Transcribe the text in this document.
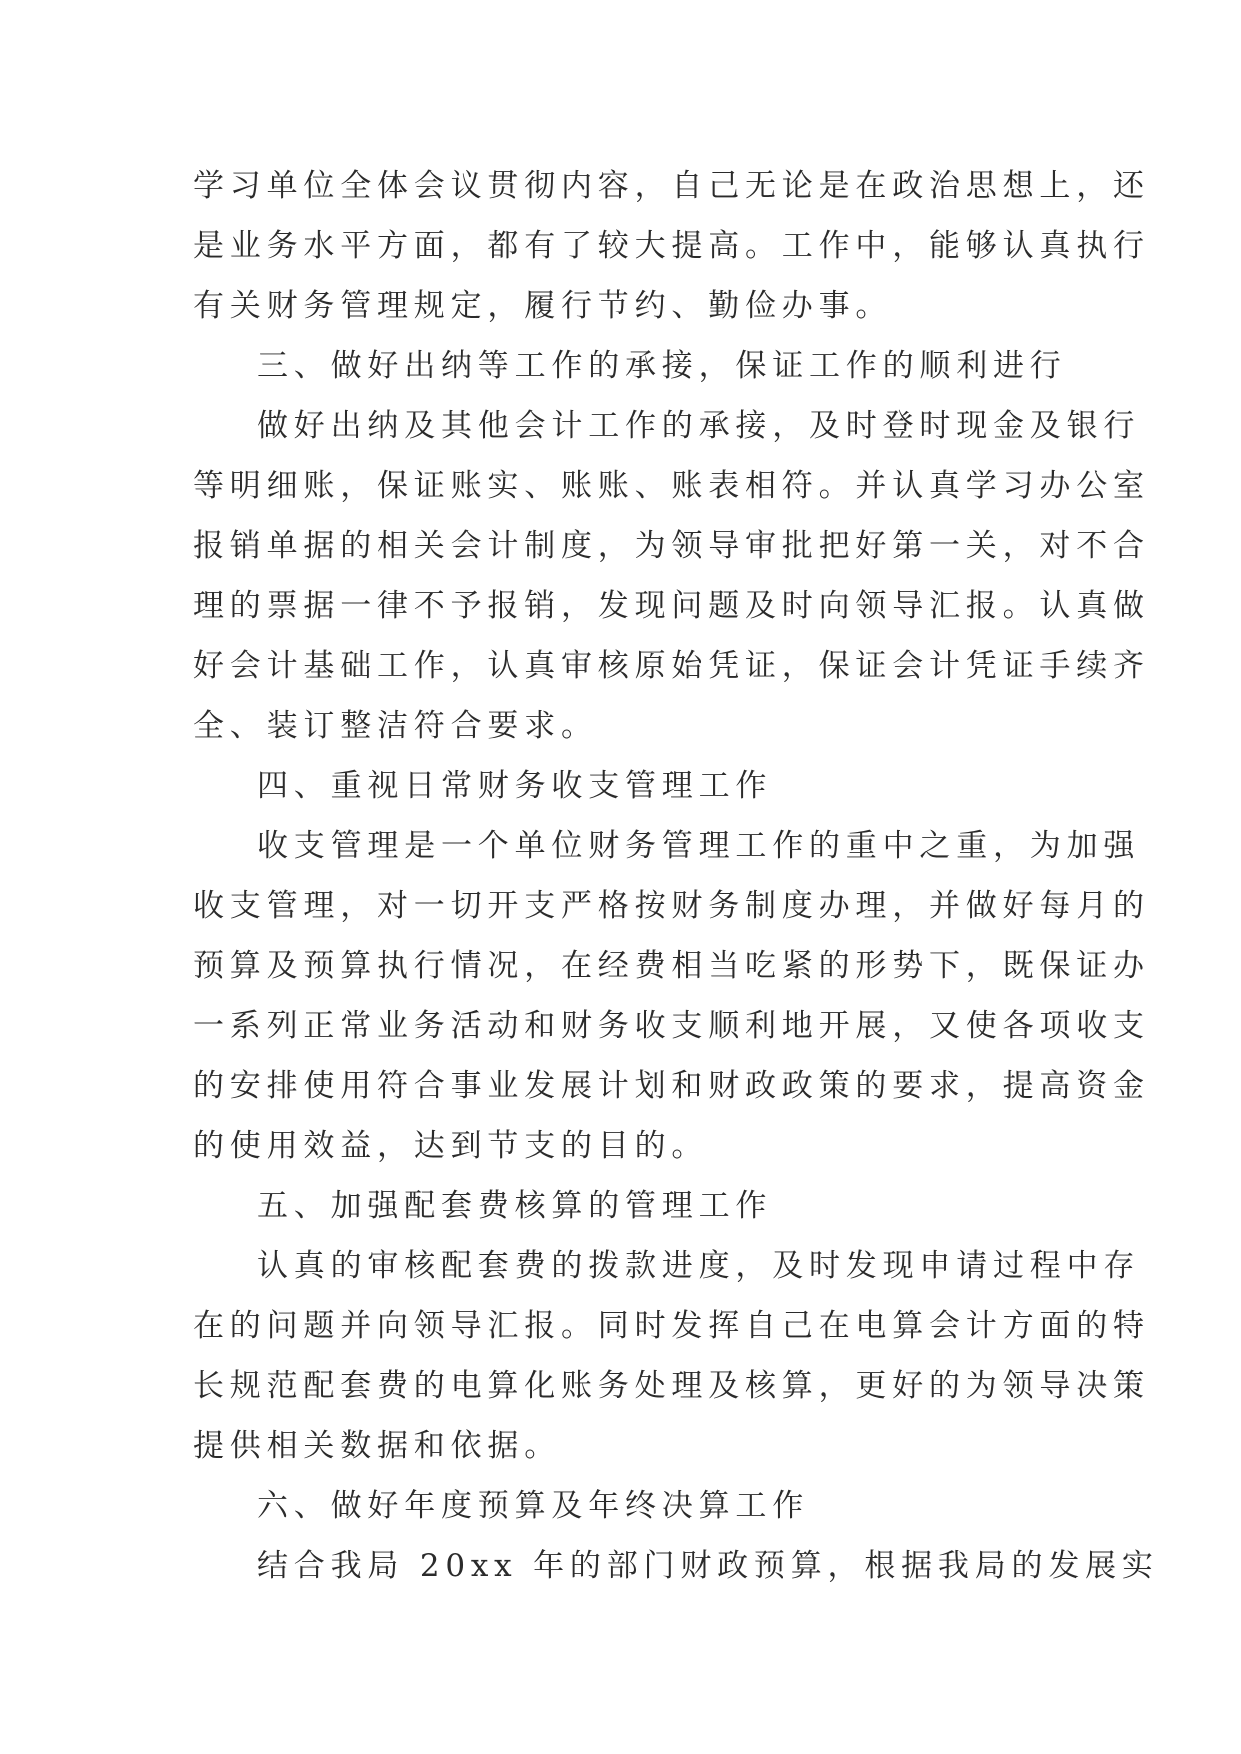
学习单位全体会议贯彻内容，自己无论是在政治思想上，还
是业务水平方面，都有了较大提高。工作中，能够认真执行
有关财务管理规定，履行节约、勤俭办事。
三、做好出纳等工作的承接，保证工作的顺利进行
做好出纳及其他会计工作的承接，及时登时现金及银行
等明细账，保证账实、账账、账表相符。并认真学习办公室
报销单据的相关会计制度，为领导审批把好第一关，对不合
理的票据一律不予报销，发现问题及时向领导汇报。认真做
好会计基础工作，认真审核原始凭证，保证会计凭证手续齐
全、装订整洁符合要求。
四、重视日常财务收支管理工作
收支管理是一个单位财务管理工作的重中之重，为加强
收支管理，对一切开支严格按财务制度办理，并做好每月的
预算及预算执行情况，在经费相当吃紧的形势下，既保证办
一系列正常业务活动和财务收支顺利地开展，又使各项收支
的安排使用符合事业发展计划和财政政策的要求，提高资金
的使用效益，达到节支的目的。
五、加强配套费核算的管理工作
认真的审核配套费的拨款进度，及时发现申请过程中存
在的问题并向领导汇报。同时发挥自己在电算会计方面的特
长规范配套费的电算化账务处理及核算，更好的为领导决策
提供相关数据和依据。
六、做好年度预算及年终决算工作
结合我局 20xx 年的部门财政预算，根据我局的发展实
